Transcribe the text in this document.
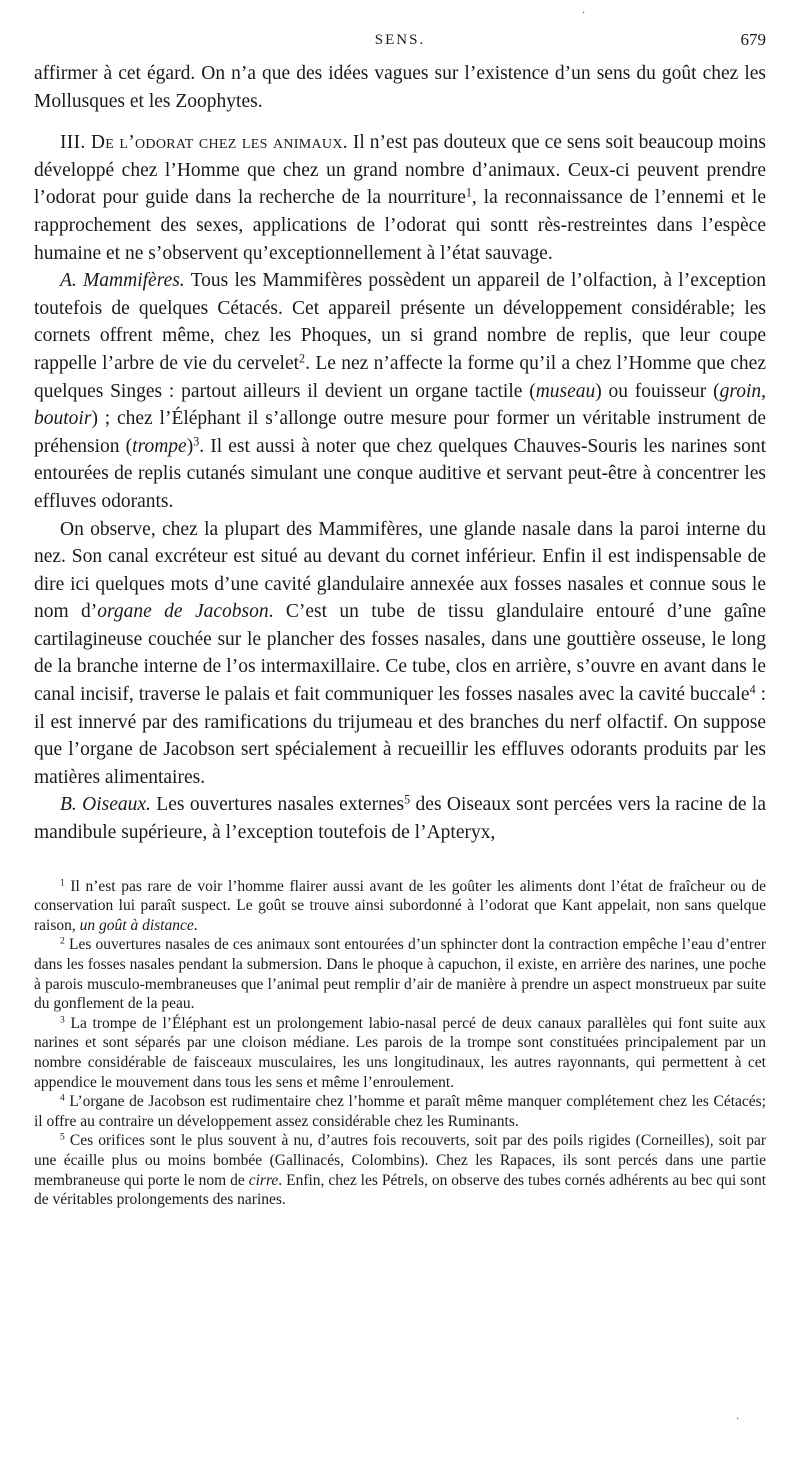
SENS.	679

affirmer à cet égard. On n’a que des idées vagues sur l’existence d’un sens du goût chez les Mollusques et les Zoophytes.

III. De l’odorat chez les animaux. Il n’est pas douteux que ce sens soit beaucoup moins développé chez l’Homme que chez un grand nombre d’animaux. Ceux-ci peuvent prendre l’odorat pour guide dans la recherche de la nourriture$^1$, la reconnaissance de l’ennemi et le rapprochement des sexes, applications de l’odorat qui sontt rès-restreintes dans l’espèce humaine et ne s’observent qu’exceptionnellement à l’état sauvage.

A. Mammifères. Tous les Mammifères possèdent un appareil de l’olfaction, à l’exception toutefois de quelques Cétacés. Cet appareil présente un développement considérable; les cornets offrent même, chez les Phoques, un si grand nombre de replis, que leur coupe rappelle l’arbre de vie du cervelet$^2$. Le nez n’affecte la forme qu’il a chez l’Homme que chez quelques Singes : partout ailleurs il devient un organe tactile (museau) ou fouisseur (groin, boutoir) ; chez l’Éléphant il s’allonge outre mesure pour former un véritable instrument de préhension (trompe)$^3$. Il est aussi à noter que chez quelques Chauves-Souris les narines sont entourées de replis cutanés simulant une conque auditive et servant peut-être à concentrer les effluves odorants.

On observe, chez la plupart des Mammifères, une glande nasale dans la paroi interne du nez. Son canal excréteur est situé au devant du cornet inférieur. Enfin il est indispensable de dire ici quelques mots d’une cavité glandulaire annexée aux fosses nasales et connue sous le nom d’organe de Jacobson. C’est un tube de tissu glandulaire entouré d’une gaîne cartilagineuse couchée sur le plancher des fosses nasales, dans une gouttière osseuse, le long de la branche interne de l’os intermaxillaire. Ce tube, clos en arrière, s’ouvre en avant dans le canal incisif, traverse le palais et fait communiquer les fosses nasales avec la cavité buccale$^4$ : il est innervé par des ramifications du trijumeau et des branches du nerf olfactif. On suppose que l’organe de Jacobson sert spécialement à recueillir les effluves odorants produits par les matières alimentaires.

B. Oiseaux. Les ouvertures nasales externes$^5$ des Oiseaux sont percées vers la racine de la mandibule supérieure, à l’exception toutefois de l’Apteryx,

$^1$ Il n’est pas rare de voir l’homme flairer aussi avant de les goûter les aliments dont l’état de fraîcheur ou de conservation lui paraît suspect. Le goût se trouve ainsi subordonné à l’odorat que Kant appelait, non sans quelque raison, un goût à distance.

$^2$ Les ouvertures nasales de ces animaux sont entourées d’un sphincter dont la contraction empêche l’eau d’entrer dans les fosses nasales pendant la submersion. Dans le phoque à capuchon, il existe, en arrière des narines, une poche à parois musculo-membraneuses que l’animal peut remplir d’air de manière à prendre un aspect monstrueux par suite du gonflement de la peau.

$^3$ La trompe de l’Éléphant est un prolongement labio-nasal percé de deux canaux parallèles qui font suite aux narines et sont séparés par une cloison médiane. Les parois de la trompe sont constituées principalement par un nombre considérable de faisceaux musculaires, les uns longitudinaux, les autres rayonnants, qui permettent à cet appendice le mouvement dans tous les sens et même l’enroulement.

$^4$ L’organe de Jacobson est rudimentaire chez l’homme et paraît même manquer complétement chez les Cétacés; il offre au contraire un développement assez considérable chez les Ruminants.

$^5$ Ces orifices sont le plus souvent à nu, d’autres fois recouverts, soit par des poils rigides (Corneilles), soit par une écaille plus ou moins bombée (Gallinacés, Colombins). Chez les Rapaces, ils sont percés dans une partie membraneuse qui porte le nom de cirre. Enfin, chez les Pétrels, on observe des tubes cornés adhérents au bec qui sont de véritables prolongements des narines.

·
·
